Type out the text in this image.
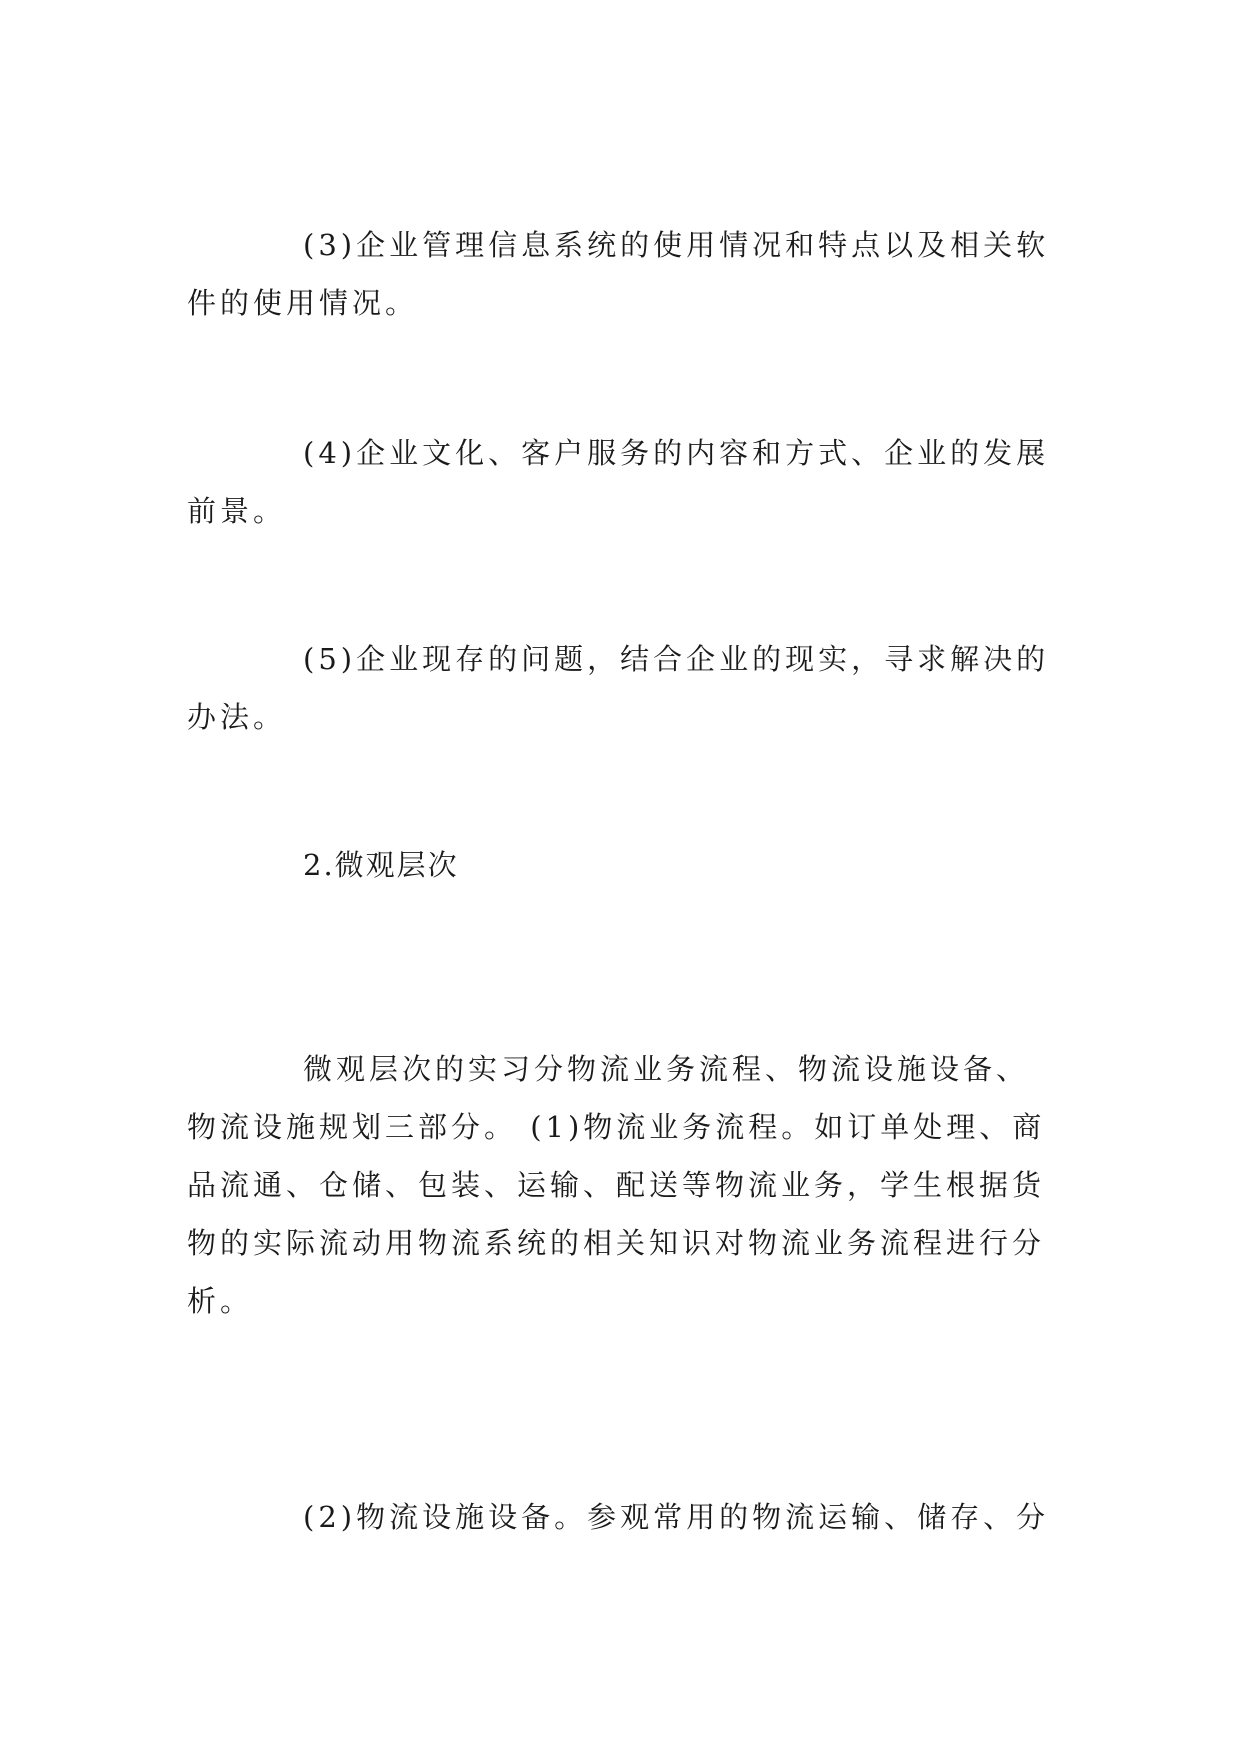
(3)企业管理信息系统的使用情况和特点以及相关软件的使用情况。

(4)企业文化、客户服务的内容和方式、企业的发展前景。

(5)企业现存的问题，结合企业的现实，寻求解决的办法。

2.微观层次

微观层次的实习分物流业务流程、物流设施设备、物流设施规划三部分。 (1)物流业务流程。如订单处理、商品流通、仓储、包装、运输、配送等物流业务，学生根据货物的实际流动用物流系统的相关知识对物流业务流程进行分析。

(2)物流设施设备。参观常用的物流运输、储存、分
